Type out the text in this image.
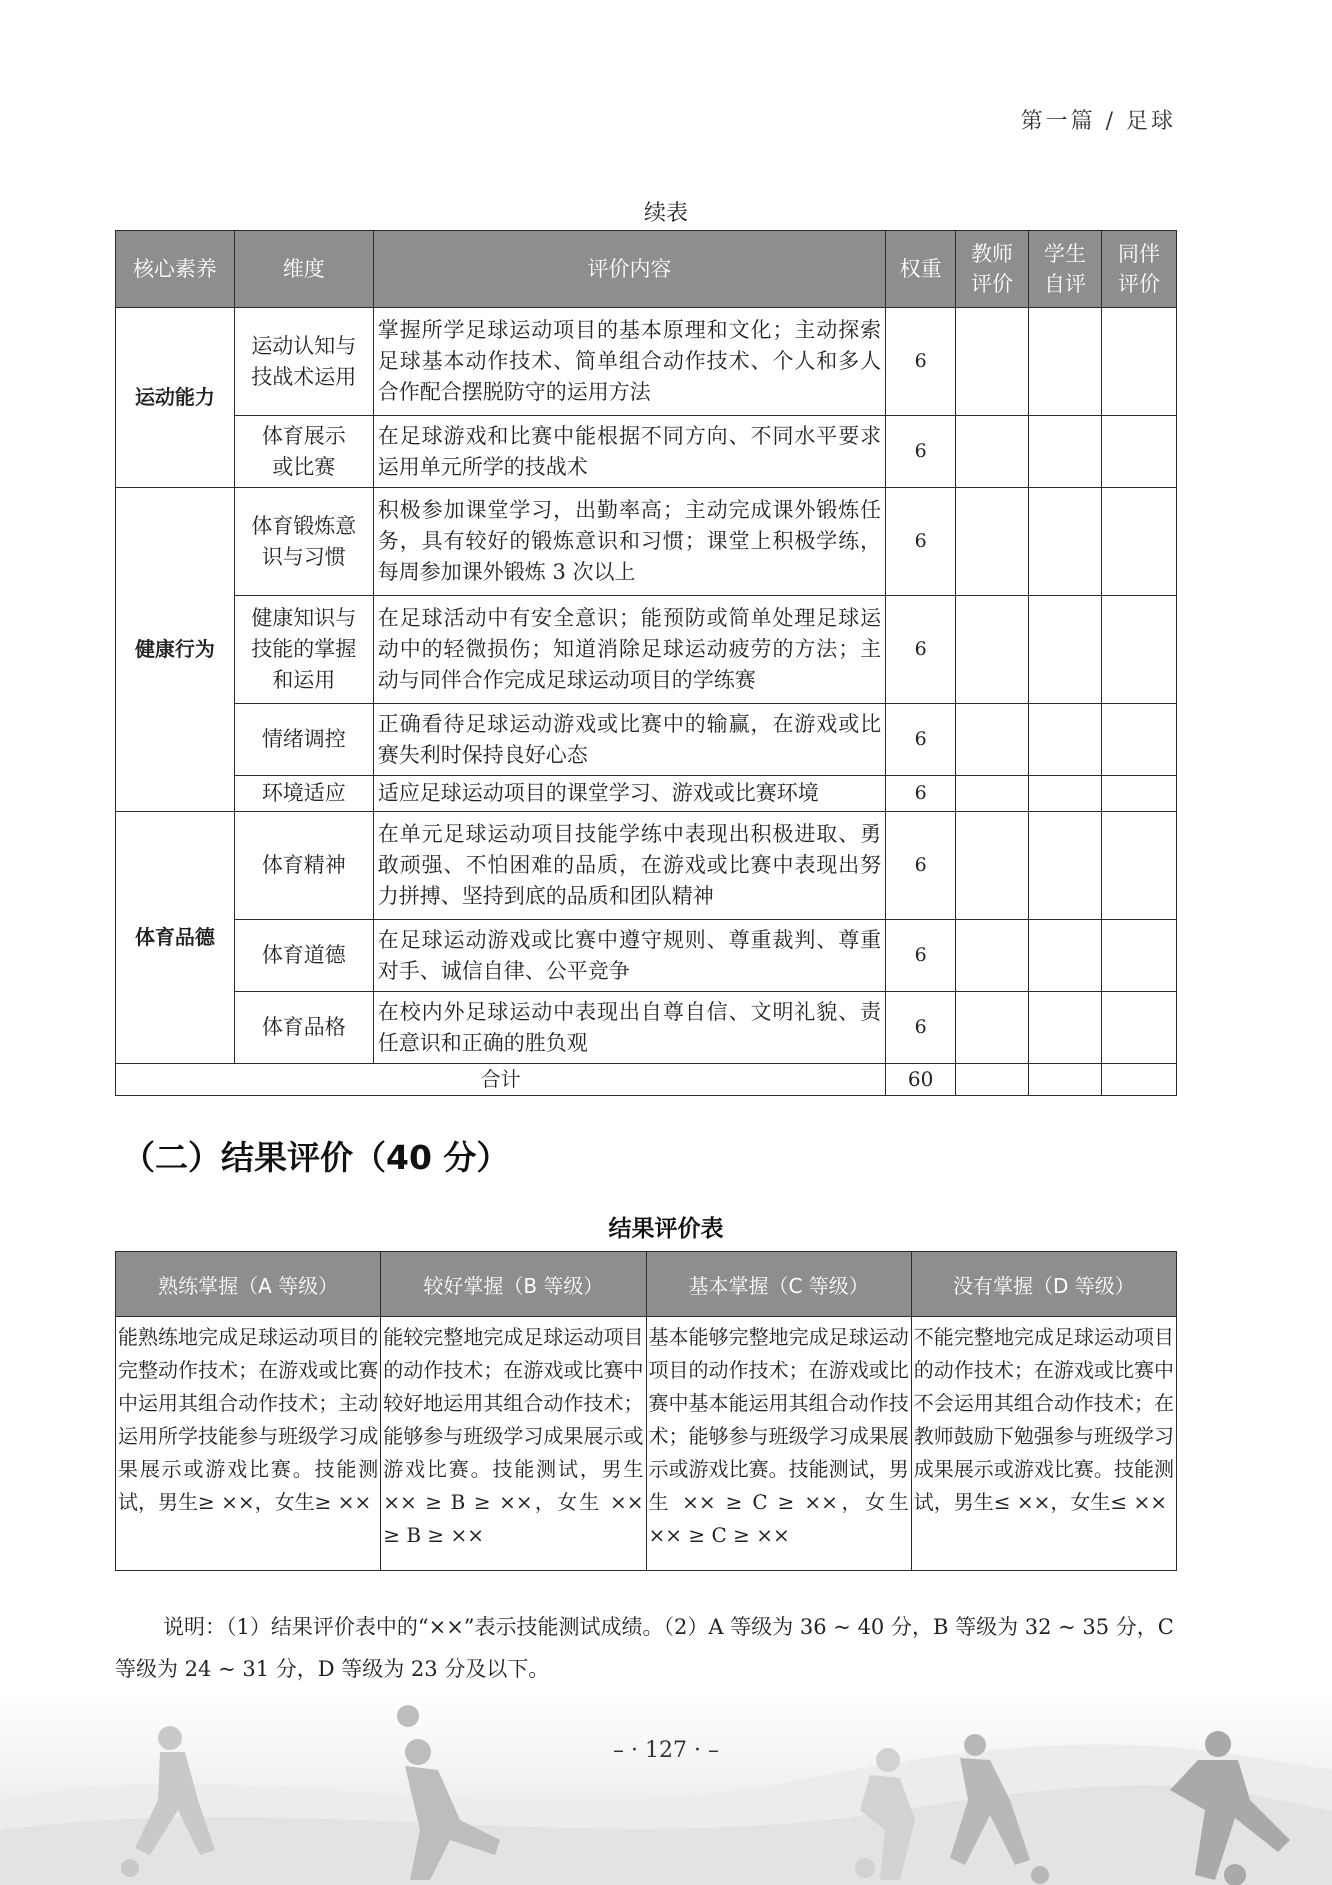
第一篇 / 足球
续表
核心素养	维度	评价内容	权重	教师评价	学生自评	同伴评价
运动能力	运动认知与技战术运用	掌握所学足球运动项目的基本原理和文化；主动探索足球基本动作技术、简单组合动作技术、个人和多人合作配合摆脱防守的运用方法	6			
	体育展示或比赛	在足球游戏和比赛中能根据不同方向、不同水平要求运用单元所学的技战术	6			
健康行为	体育锻炼意识与习惯	积极参加课堂学习，出勤率高；主动完成课外锻炼任务，具有较好的锻炼意识和习惯；课堂上积极学练，每周参加课外锻炼 3 次以上	6			
	健康知识与技能的掌握和运用	在足球活动中有安全意识；能预防或简单处理足球运动中的轻微损伤；知道消除足球运动疲劳的方法；主动与同伴合作完成足球运动项目的学练赛	6			
	情绪调控	正确看待足球运动游戏或比赛中的输赢，在游戏或比赛失利时保持良好心态	6			
	环境适应	适应足球运动项目的课堂学习、游戏或比赛环境	6			
体育品德	体育精神	在单元足球运动项目技能学练中表现出积极进取、勇敢顽强、不怕困难的品质，在游戏或比赛中表现出努力拼搏、坚持到底的品质和团队精神	6			
	体育道德	在足球运动游戏或比赛中遵守规则、尊重裁判、尊重对手、诚信自律、公平竞争	6			
	体育品格	在校内外足球运动中表现出自尊自信、文明礼貌、责任意识和正确的胜负观	6			
合计			60			
（二）结果评价（40 分）
结果评价表
熟练掌握（A 等级）	较好掌握（B 等级）	基本掌握（C 等级）	没有掌握（D 等级）
能熟练地完成足球运动项目的完整动作技术；在游戏或比赛中运用其组合动作技术；主动运用所学技能参与班级学习成果展示或游戏比赛。技能测试，男生≥ ××，女生≥ ××	能较完整地完成足球运动项目的动作技术；在游戏或比赛中较好地运用其组合动作技术；能够参与班级学习成果展示或游戏比赛。技能测试，男生 ×× ≥ B ≥ ××，女生 ×× ≥ B ≥ ××	基本能够完整地完成足球运动项目的动作技术；在游戏或比赛中基本能运用其组合动作技术；能够参与班级学习成果展示或游戏比赛。技能测试，男生 ×× ≥ C ≥ ××，女生 ×× ≥ C ≥ ××	不能完整地完成足球运动项目的动作技术；在游戏或比赛中不会运用其组合动作技术；在教师鼓励下勉强参与班级学习成果展示或游戏比赛。技能测试，男生≤ ××，女生≤ ××
说明：（1）结果评价表中的“××”表示技能测试成绩。（2）A 等级为 36 ~ 40 分，B 等级为 32 ~ 35 分，C 等级为 24 ~ 31 分，D 等级为 23 分及以下。
– · 127 · –
